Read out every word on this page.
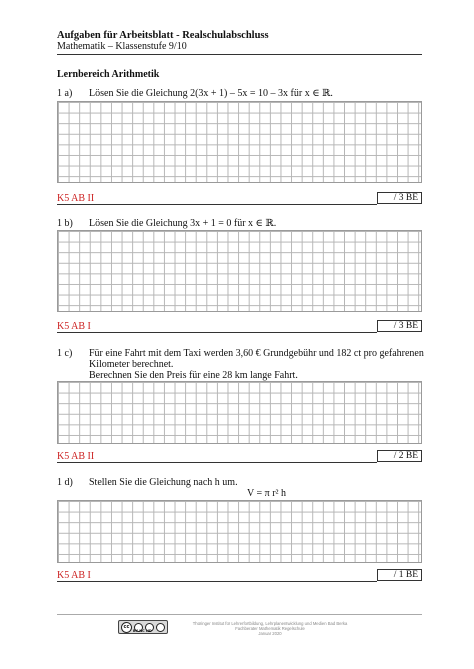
Aufgaben für Arbeitsblatt - Realschulabschluss
Mathematik – Klassenstufe 9/10
Lernbereich Arithmetik
1 a) Lösen Sie die Gleichung 2(3x + 1) – 5x = 10 – 3x für x ∈ ℝ.
K5 AB II	/ 3 BE
1 b) Lösen Sie die Gleichung 3x + 1 = 0 für x ∈ ℝ.
K5 AB I	/ 3 BE
1 c) Für eine Fahrt mit dem Taxi werden 3,60 € Grundgebühr und 182 ct pro gefahrenen
Kilometer berechnet.
Berechnen Sie den Preis für eine 28 km lange Fahrt.
K5 AB II	/ 2 BE
1 d) Stellen Sie die Gleichung nach h um.
V = π r² h
K5 AB I	/ 1 BE
cc
BY NC ND
Thüringer Institut für Lehrerfortbildung, Lehrplanentwicklung und Medien Bad Berka
Fachberater Mathematik Regelschule
Januar 2020
